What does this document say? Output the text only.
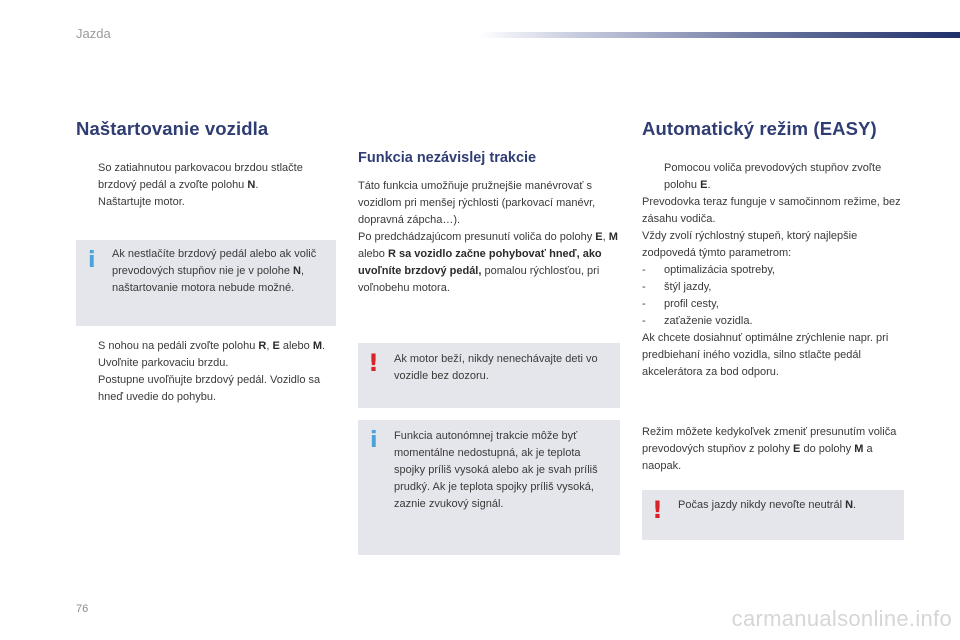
Jazda
Naštartovanie vozidla
So zatiahnutou parkovacou brzdou stlačte brzdový pedál a zvoľte polohu N.
Naštartujte motor.
i Ak nestlačíte brzdový pedál alebo ak volič prevodových stupňov nie je v polohe N, naštartovanie motora nebude možné.
S nohou na pedáli zvoľte polohu R, E alebo M.
Uvoľnite parkovaciu brzdu.
Postupne uvoľňujte brzdový pedál. Vozidlo sa hneď uvedie do pohybu.
Funkcia nezávislej trakcie

Táto funkcia umožňuje pružnejšie manévrovať s vozidlom pri menšej rýchlosti (parkovací manévr, dopravná zápcha…).

Po predchádzajúcom presunutí voliča do polohy E, M alebo R sa vozidlo začne pohybovať hneď, ako uvoľníte brzdový pedál, pomalou rýchlosťou, pri voľnobehu motora.

! Ak motor beží, nikdy nenechávajte deti vo vozidle bez dozoru.
i Funkcia autonómnej trakcie môže byť momentálne nedostupná, ak je teplota spojky príliš vysoká alebo ak je svah príliš prudký. Ak je teplota spojky príliš vysoká, zaznie zvukový signál.
Automatický režim (EASY)
Pomocou voliča prevodových stupňov zvoľte polohu E.

Prevodovka teraz funguje v samočinnom režime, bez zásahu vodiča.

Vždy zvolí rýchlostný stupeň, ktorý najlepšie zodpovedá týmto parametrom:

- optimalizácia spotreby,
- štýl jazdy,
- profil cesty,
- zaťaženie vozidla.

Ak chcete dosiahnuť optimálne zrýchlenie napr. pri predbiehaní iného vozidla, silno stlačte pedál akcelerátora za bod odporu.

Režim môžete kedykoľvek zmeniť presunutím voliča prevodových stupňov z polohy E do polohy M a naopak.

! Počas jazdy nikdy nevoľte neutrál N.
76	carmanualsonline.info
